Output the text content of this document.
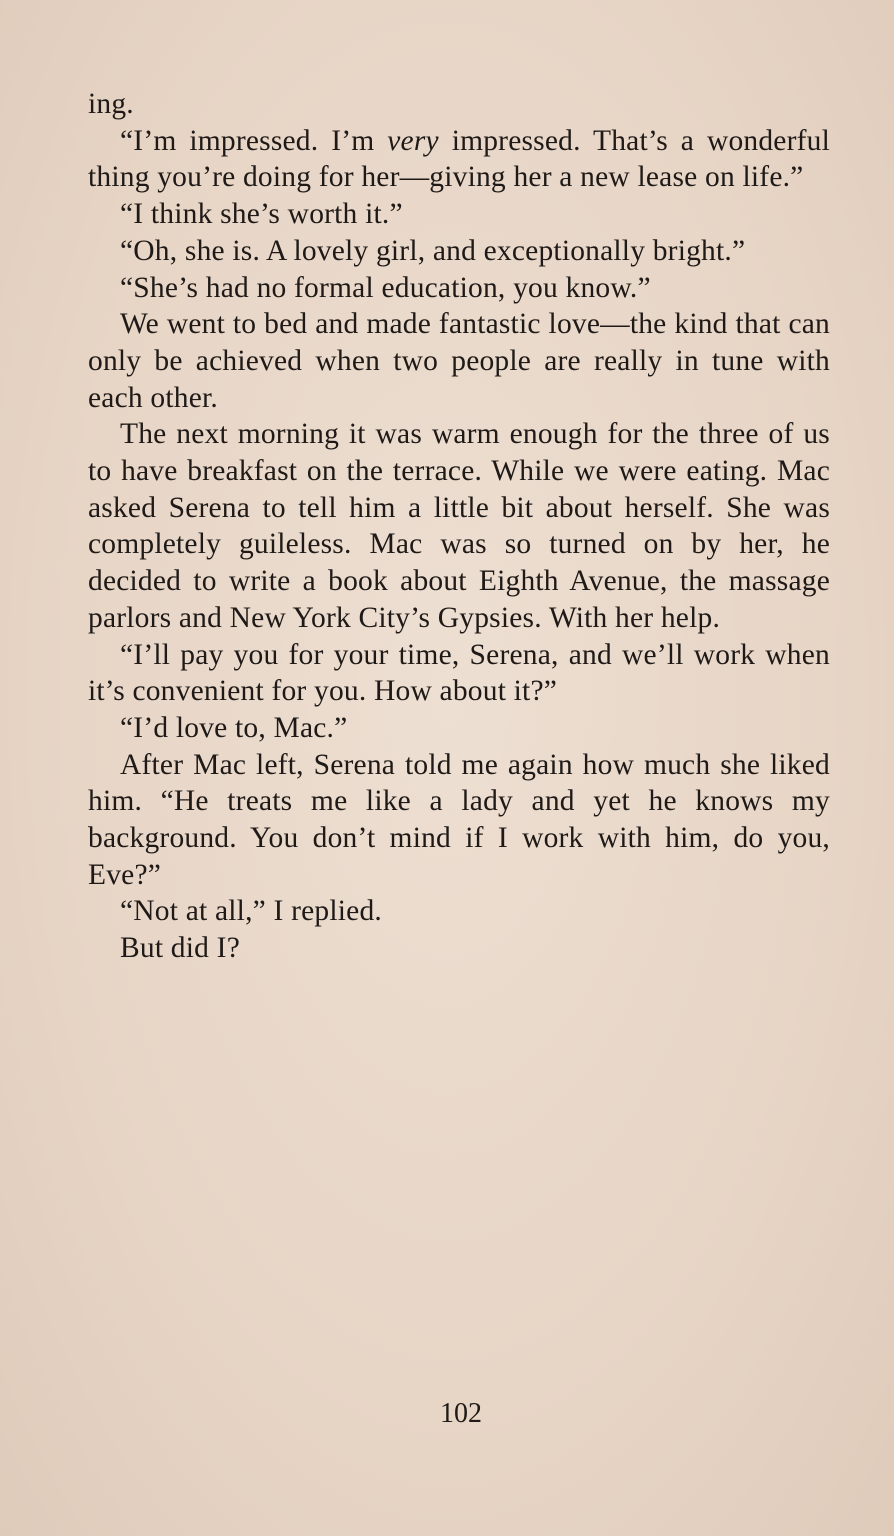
ing.

“I’m impressed. I’m very impressed. That’s a wonderful thing you’re doing for her—giving her a new lease on life.”

“I think she’s worth it.”

“Oh, she is. A lovely girl, and exceptionally bright.”

“She’s had no formal education, you know.”

We went to bed and made fantastic love—the kind that can only be achieved when two people are really in tune with each other.

The next morning it was warm enough for the three of us to have breakfast on the terrace. While we were eating. Mac asked Serena to tell him a little bit about herself. She was completely guileless. Mac was so turned on by her, he decided to write a book about Eighth Avenue, the massage parlors and New York City’s Gypsies. With her help.

“I’ll pay you for your time, Serena, and we’ll work when it’s convenient for you. How about it?”

“I’d love to, Mac.”

After Mac left, Serena told me again how much she liked him. “He treats me like a lady and yet he knows my background. You don’t mind if I work with him, do you, Eve?”

“Not at all,” I replied.

But did I?

102
